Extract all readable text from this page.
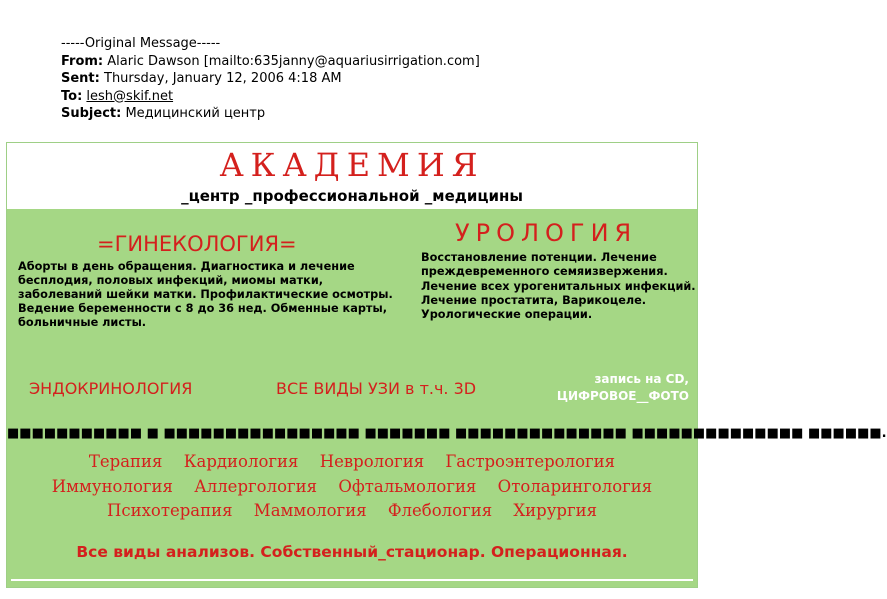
-----Original Message-----
From: Alaric Dawson [mailto:635janny@aquariusirrigation.com]
Sent: Thursday, January 12, 2006 4:18 AM
To: lesh@skif.net
Subject: Медицинский центр
АКАДЕМИЯ
_центр _профессиональной _медицины
=ГИНЕКОЛОГИЯ=
Аборты в день обращения. Диагностика и лечение бесплодия, половых инфекций, миомы матки, заболеваний шейки матки. Профилактические осмотры. Ведение беременности с 8 до 36 нед. Обменные карты, больничные листы.
УРОЛОГИЯ
Восстановление потенции. Лечение преждевременного семяизвержения. Лечение всех урогенитальных инфекций. Лечение простатита, Варикоцеле. Урологические операции.
ЭНДОКРИНОЛОГИЯ	ВСЕ ВИДЫ УЗИ в т.ч. 3D	запись на CD,
ЦИФРОВОЕ__ФОТО
■■■■■■■■■■■ ■ ■■■■■■■■■■■■■■■■ ■■■■■■■ ■■■■■■■■■■■■■■ ■■■■■■■■■■■■■■ ■■■■■■.
Терапия Кардиология Неврология Гастроэнтерология
Иммунология Аллергология Офтальмология Отоларингология
Психотерапия Маммология Флебология Хирургия
Все виды анализов. Собственный_стационар. Операционная.
